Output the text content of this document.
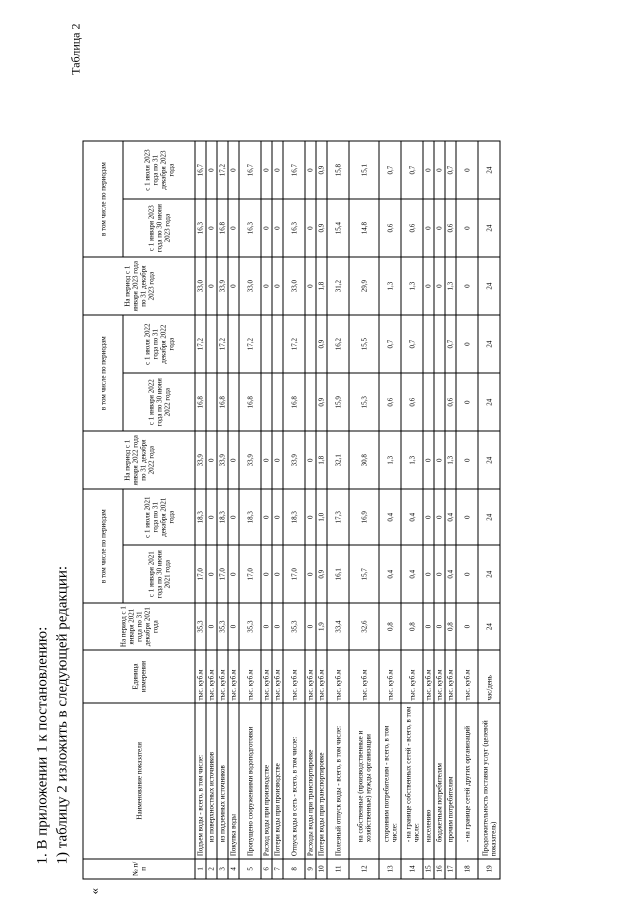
1. В приложении 1 к постановлению: 1) таблицу 2 изложить в следующей редакции:
Таблица 2
«
№ п/п	Наименование показателя	Единица измерения	На период с 1 января 2021 года по 31 декабря 2021 года	в том числе по периодам		На период с 1 января 2022 года по 31 декабря 2022 года	в том числе по периодам		На период с 1 января 2023 года по 31 декабря 2023 года	в том числе по периодам			
				с 1 января 2021 года по 30 июня 2021 года	с 1 июля 2021 года по 31 декабря 2021 года		с 1 января 2022 года по 30 июня 2022 года	с 1 июля 2022 года по 31 декабря 2022 года		с 1 января 2023 года по 30 июня 2023 года	с 1 июля 2023 года по 31 декабря 2023 года		
1	Подъем воды - всего, в том числе:	тыс. куб.м	35,3	17,0	18,3	33,9	16,8	17,2	33,0	16,3	16,7		
2	из поверхностных источников	тыс. куб.м	0	0	0	0			0	0	0		
3	из подземных источников	тыс. куб.м	35,3	17,0	18,3	33,9	16,8	17,2	33,9	16,8	17,2		
4	Покупка воды	тыс. куб.м	0	0	0	0			0	0	0		
5	Пропущено сооружениями водоподготовки	тыс. куб.м	35,3	17,0	18,3	33,9	16,8	17,2	33,0	16,3	16,7		
6	Расход воды при производстве	тыс. куб.м	0	0	0	0			0	0	0		
7	Потери воды при производстве	тыс. куб.м	0	0	0	0			0	0	0		
8	Отпуск воды в сеть - всего, в том числе:	тыс. куб.м	35,3	17,0	18,3	33,9	16,8	17,2	33,0	16,3	16,7		
9	Расходы воды при транспортировке	тыс. куб.м	0	0	0	0			0	0	0		
10	Потери воды при транспортировке	тыс. куб.м	1,9	0,9	1,0	1,8	0,9	0,9	1,8	0,9	0,9		
11	Полезный отпуск воды - всего, в том числе:	тыс. куб.м	33,4	16,1	17,3	32,1	15,9	16,2	31,2	15,4	15,8		
12	на собственные (производственные и хозяйственные) нужды организации	тыс. куб.м	32,6	15,7	16,9	30,8	15,3	15,5	29,9	14,8	15,1		
13	сторонним потребителям - всего, в том числе:	тыс. куб.м	0,8	0,4	0,4	1,3	0,6	0,7	1,3	0,6	0,7		
14	- на границе собственных сетей - всего, в том числе:	тыс. куб.м	0,8	0,4	0,4	1,3	0,6	0,7	1,3	0,6	0,7		
15	населению	тыс. куб.м	0	0	0	0			0	0	0		
16	бюджетным потребителям	тыс. куб.м	0	0	0	0			0	0	0		
17	прочим потребителям	тыс. куб.м	0,8	0,4	0,4	1,3	0,6	0,7	1,3	0,6	0,7		
18	- на границе сетей других организаций	тыс. куб.м	0	0	0	0	0	0	0	0	0		
19	Продолжительность поставки услуг (целевой показатель)	час/день	24	24	24	24	24	24	24	24	24		
